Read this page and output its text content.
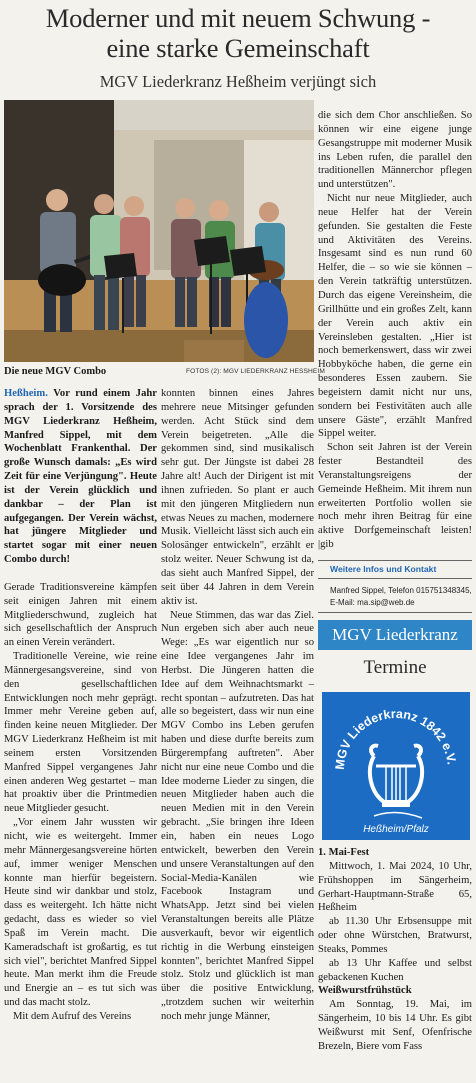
Moderner und mit neuem Schwung -
eine starke Gemeinschaft
MGV Liederkranz Heßheim verjüngt sich
Die neue MGV Combo	FOTOS (2): MGV LIEDERKRANZ HESSHEIM

Heßheim. Vor rund einem Jahr sprach der 1. Vorsitzende des MGV Liederkranz Heßheim, Manfred Sippel, mit dem Wochenblatt Frankenthal. Der große Wunsch damals: „Es wird Zeit für eine Verjüngung". Heute ist der Verein glücklich und dankbar – der Plan ist aufgegangen. Der Verein wächst, hat jüngere Mitglieder und startet sogar mit einer neuen Combo durch!

Gerade Traditionsvereine kämpfen seit einigen Jahren mit einem Mitgliederschwund, zugleich hat sich gesellschaftlich der Anspruch an einen Verein verändert.

Traditionelle Vereine, wie reine Männergesangsvereine, sind von den gesellschaftlichen Entwicklungen noch mehr geprägt. Immer mehr Vereine geben auf, finden keine neuen Mitglieder. Der MGV Liederkranz Heßheim ist mit seinem ersten Vorsitzenden Manfred Sippel vergangenes Jahr einen anderen Weg gestartet – man hat proaktiv über die Printmedien neue Mitglieder gesucht.

„Vor einem Jahr wussten wir nicht, wie es weitergeht. Immer mehr Männergesangsvereine hörten auf, immer weniger Menschen konnte man hierfür begeistern. Heute sind wir dankbar und stolz, dass es weitergeht. Ich hätte nicht gedacht, dass es wieder so viel Spaß im Verein macht. Die Kameradschaft ist großartig, es tut sich viel", berichtet Manfred Sippel heute. Man merkt ihm die Freude und Energie an – es tut sich was und das macht stolz.

Mit dem Aufruf des Vereins

konnten binnen eines Jahres mehrere neue Mitsinger gefunden werden. Acht Stück sind dem Verein beigetreten. „Alle die gekommen sind, sind musikalisch sehr gut. Der Jüngste ist dabei 28 Jahre alt! Auch der Dirigent ist mit ihnen zufrieden. So plant er auch mit den jüngeren Mitgliedern nun etwas Neues zu machen, modernere Musik. Vielleicht lässt sich auch ein Solosänger entwickeln", erzählt er stolz weiter. Neuer Schwung ist da, das sieht auch Manfred Sippel, der seit über 44 Jahren in dem Verein aktiv ist.

Neue Stimmen, das war das Ziel. Nun ergeben sich aber auch neue Wege: „Es war eigentlich nur so eine Idee vergangenes Jahr im Herbst. Die Jüngeren hatten die Idee auf dem Weihnachtsmarkt – recht spontan – aufzutreten. Das hat alle so begeistert, dass wir nun eine MGV Combo ins Leben gerufen haben und diese durfte bereits zum Bürgerempfang auftreten". Aber nicht nur eine neue Combo und die Idee moderne Lieder zu singen, die neuen Mitglieder haben auch die neuen Medien mit in den Verein gebracht. „Sie bringen ihre Ideen ein, haben ein neues Logo entwickelt, bewerben den Verein und unsere Veranstaltungen auf den Social-Media-Kanälen wie Facebook Instagram und WhatsApp. Jetzt sind bei vielen Veranstaltungen bereits alle Plätze ausverkauft, bevor wir eigentlich richtig in die Werbung einsteigen konnten", berichtet Manfred Sippel stolz. Stolz und glücklich ist man über die positive Entwicklung, „trotzdem suchen wir weiterhin noch mehr junge Männer,

die sich dem Chor anschließen. So können wir eine eigene junge Gesangstruppe mit moderner Musik ins Leben rufen, die parallel den traditionellen Männerchor pflegen und unterstützen".

Nicht nur neue Mitglieder, auch neue Helfer hat der Verein gefunden. Sie gestalten die Feste und Aktivitäten des Vereins. Insgesamt sind es nun rund 60 Helfer, die – so wie sie können – den Verein tatkräftig unterstützen. Durch das eigene Vereinsheim, die Grillhütte und ein großes Zelt, kann der Verein auch aktiv ein Vereinsleben gestalten. „Hier ist noch bemerkenswert, dass wir zwei Hobbyköche haben, die gerne ein besonderes Essen zaubern. Sie begeistern damit nicht nur uns, sondern bei Festivitäten auch alle unsere Gäste", erzählt Manfred Sippel weiter.

Schon seit Jahren ist der Verein fester Bestandteil des Veranstaltungsreigens der Gemeinde Heßheim. Mit ihrem nun erweiterten Portfolio wollen sie noch mehr ihren Beitrag für eine aktive Dorfgemeinschaft leisten! |gib

Weitere Infos und Kontakt
Manfred Sippel, Telefon 015751348345,
E-Mail: ma.sip@web.de
MGV Liederkranz
Termine
MGV Liederkranz 1842 e.V.
Heßheim/Pfalz

1. Mai-Fest

Mittwoch, 1. Mai 2024, 10 Uhr, Frühshoppen im Sängerheim, Gerhart-Hauptmann-Straße 65, Heßheim

ab 11.30 Uhr Erbsensuppe mit oder ohne Würstchen, Bratwurst, Steaks, Pommes

ab 13 Uhr Kaffee und selbst gebackenen Kuchen

Weißwurstfrühstück

Am Sonntag, 19. Mai, im Sängerheim, 10 bis 14 Uhr. Es gibt Weißwurst mit Senf, Ofenfrische Brezeln, Biere vom Fass
